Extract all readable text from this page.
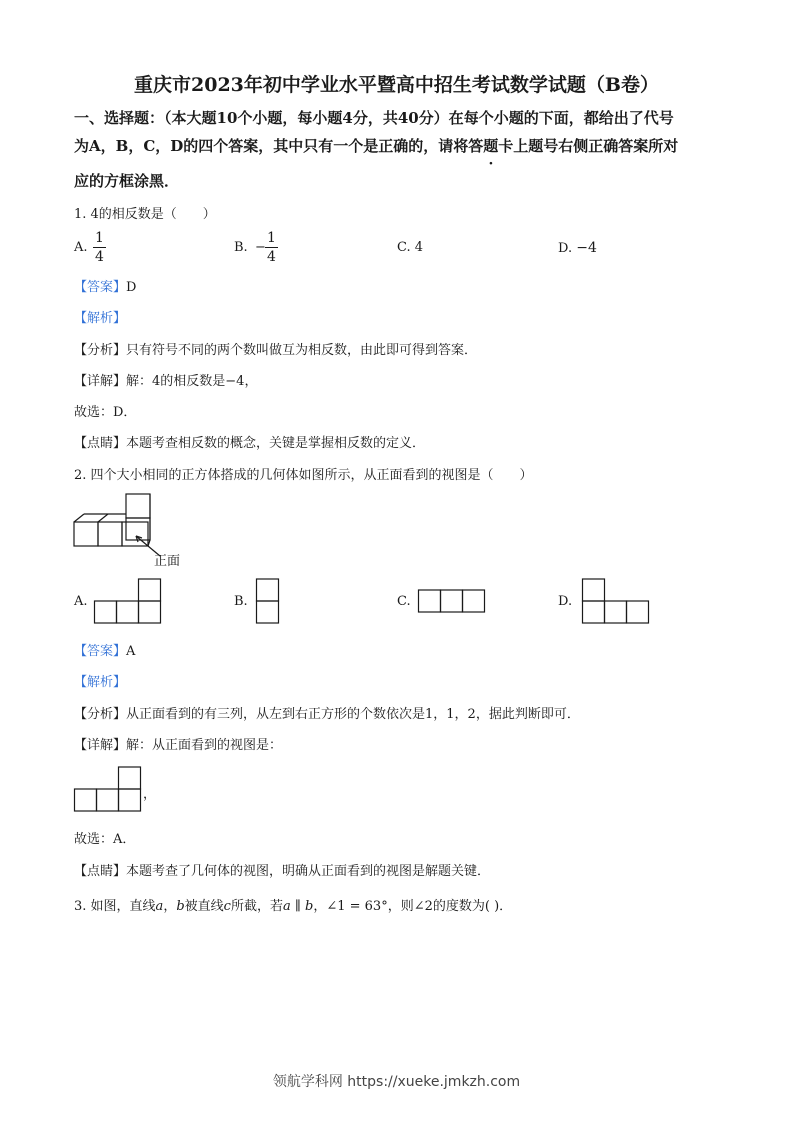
重庆市2023年初中学业水平暨高中招生考试数学试题（B卷）
一、选择题：（本大题10个小题，每小题4分，共40分）在每个小题的下面，都给出了代号
为A，B，C，D的四个答案，其中只有一个是正确的，请将答题卡上题号右侧正确答案所对
应的方框涂黑．
1. 4的相反数是（　　）
A. $\frac{1}{4}$	B. − $\frac{1}{4}$	C. 4	D. −4
【答案】D
【解析】
【分析】只有符号不同的两个数叫做互为相反数，由此即可得到答案．
【详解】解：4的相反数是−4，
故选：D．
【点睛】本题考查相反数的概念，关键是掌握相反数的定义．
2. 四个大小相同的正方体搭成的几何体如图所示，从正面看到的视图是（　　）
正面
A.	B.	C.	D.
【答案】A
【解析】
【分析】从正面看到的有三列，从左到右正方形的个数依次是1，1，2，据此判断即可．
【详解】解：从正面看到的视图是：
，
故选：A．
【点睛】本题考查了几何体的视图，明确从正面看到的视图是解题关键．
3. 如图，直线a，b被直线c所截，若a ∥ b，∠1 = 63°，则∠2的度数为( )．
领航学科网 https://xueke.jmkzh.com
